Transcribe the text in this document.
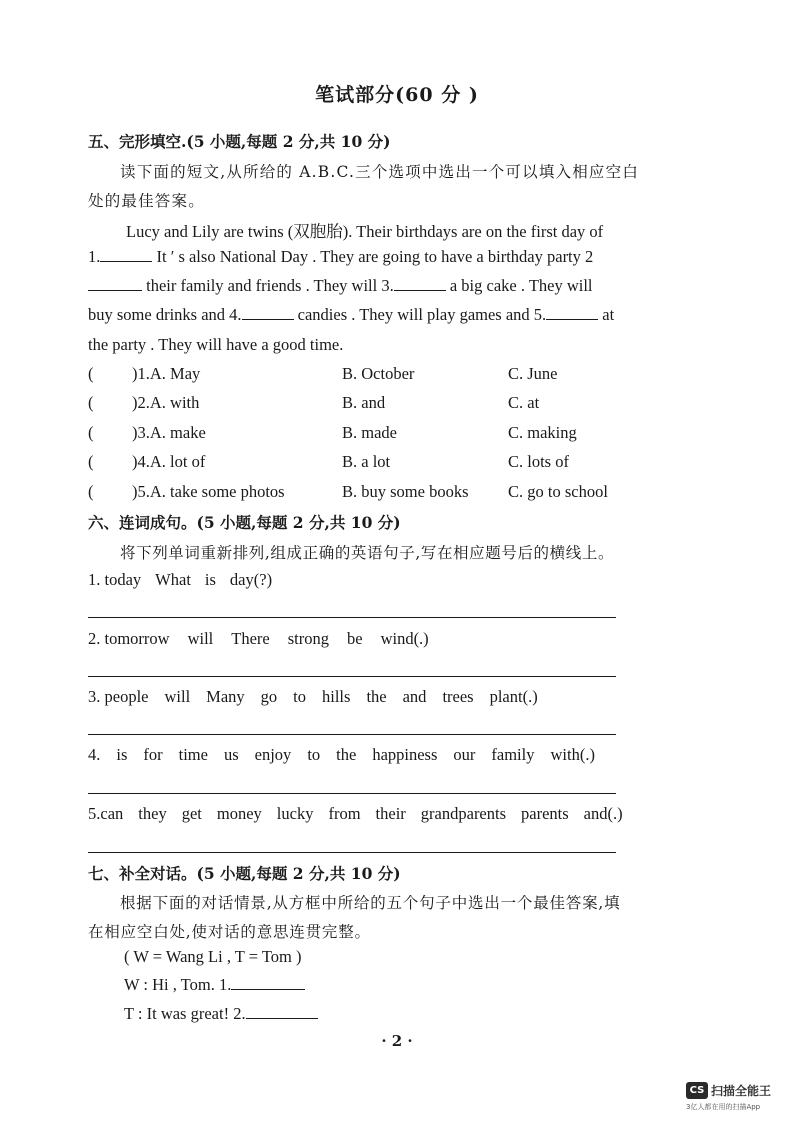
笔试部分(60 分 )
五、完形填空.(5 小题,每题 2 分,共 10 分)
读下面的短文,从所给的 A.B.C.三个选项中选出一个可以填入相应空白
处的最佳答案。
Lucy and Lily are twins (双胞胎). Their birthdays are on the first day of
1.	It ′ s also National Day . They are going to have a birthday party 2
their family and friends . They will 3.	a big cake . They will
buy some drinks and 4.	candies . They will play games and 5.	at
the party . They will have a good time.
( )1.A. May	B. October	C. June
( )2.A. with	B. and	C. at
( )3.A. make	B. made	C. making
( )4.A. lot of	B. a lot	C. lots of
( )5.A. take some photos	B. buy some books C. go to school
六、连词成句。(5 小题,每题 2 分,共 10 分)
将下列单词重新排列,组成正确的英语句子,写在相应题号后的横线上。
1. today What is day(?)
2. tomorrow will There strong be wind(.)
3. people will Many go to hills the and trees plant(.)
4. is for time us enjoy to the happiness our family with(.)
5.can they get money lucky from their grandparents parents and(.)
七、补全对话。(5 小题,每题 2 分,共 10 分)
根据下面的对话情景,从方框中所给的五个句子中选出一个最佳答案,填
在相应空白处,使对话的意思连贯完整。
( W = Wang Li , T = Tom )
W : Hi , Tom. 1.
T : It was great! 2.
· 2 ·
CS 扫描全能王
3亿人都在用的扫描App
